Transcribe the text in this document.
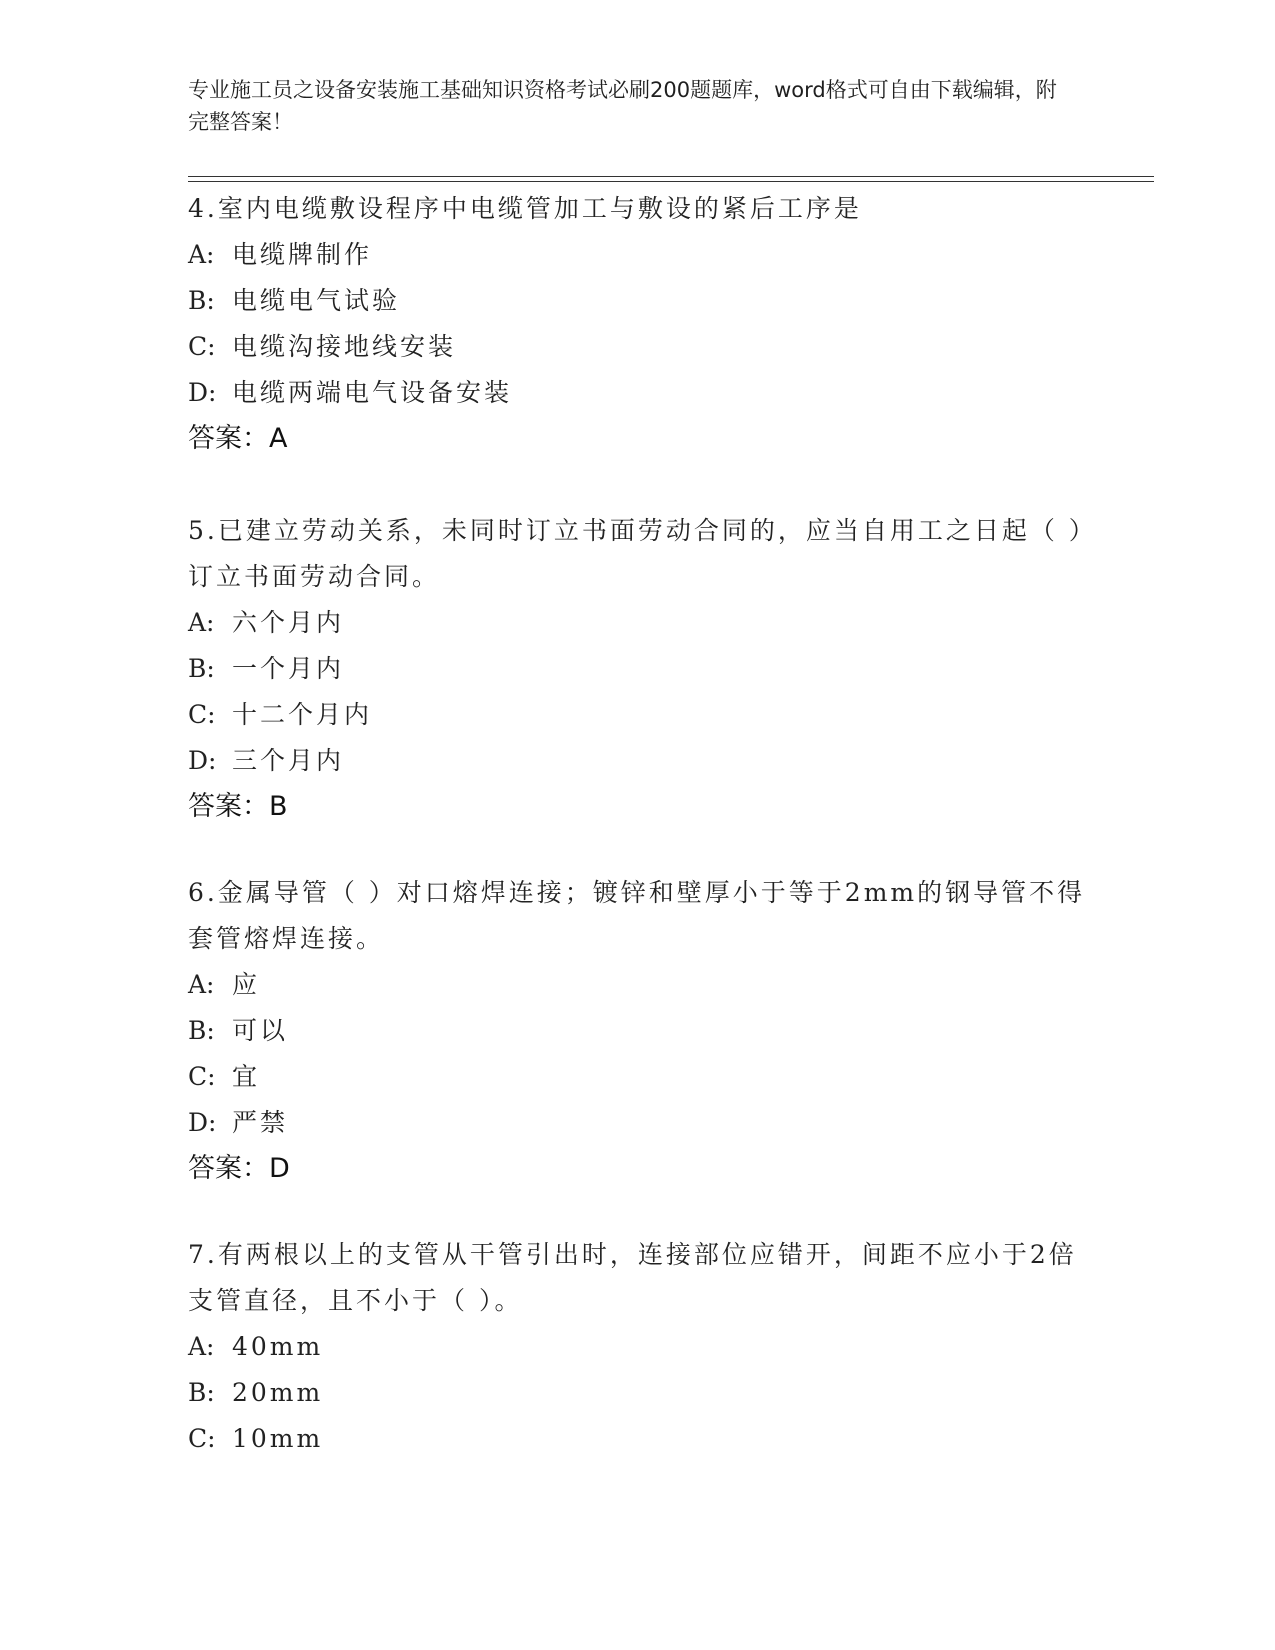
专业施工员之设备安装施工基础知识资格考试必刷200题题库，word格式可自由下载编辑，附完整答案！

4.室内电缆敷设程序中电缆管加工与敷设的紧后工序是

A: 电缆牌制作
B: 电缆电气试验
C: 电缆沟接地线安装
D: 电缆两端电气设备安装
答案：A

5.已建立劳动关系，未同时订立书面劳动合同的，应当自用工之日起（ ）订立书面劳动合同。

A: 六个月内
B: 一个月内
C: 十二个月内
D: 三个月内
答案：B

6.金属导管（ ）对口熔焊连接；镀锌和壁厚小于等于2mm的钢导管不得套管熔焊连接。

A: 应
B: 可以
C: 宜
D: 严禁
答案：D

7.有两根以上的支管从干管引出时，连接部位应错开，间距不应小于2倍支管直径，且不小于（ ）。

A: 40mm
B: 20mm
C: 10mm
